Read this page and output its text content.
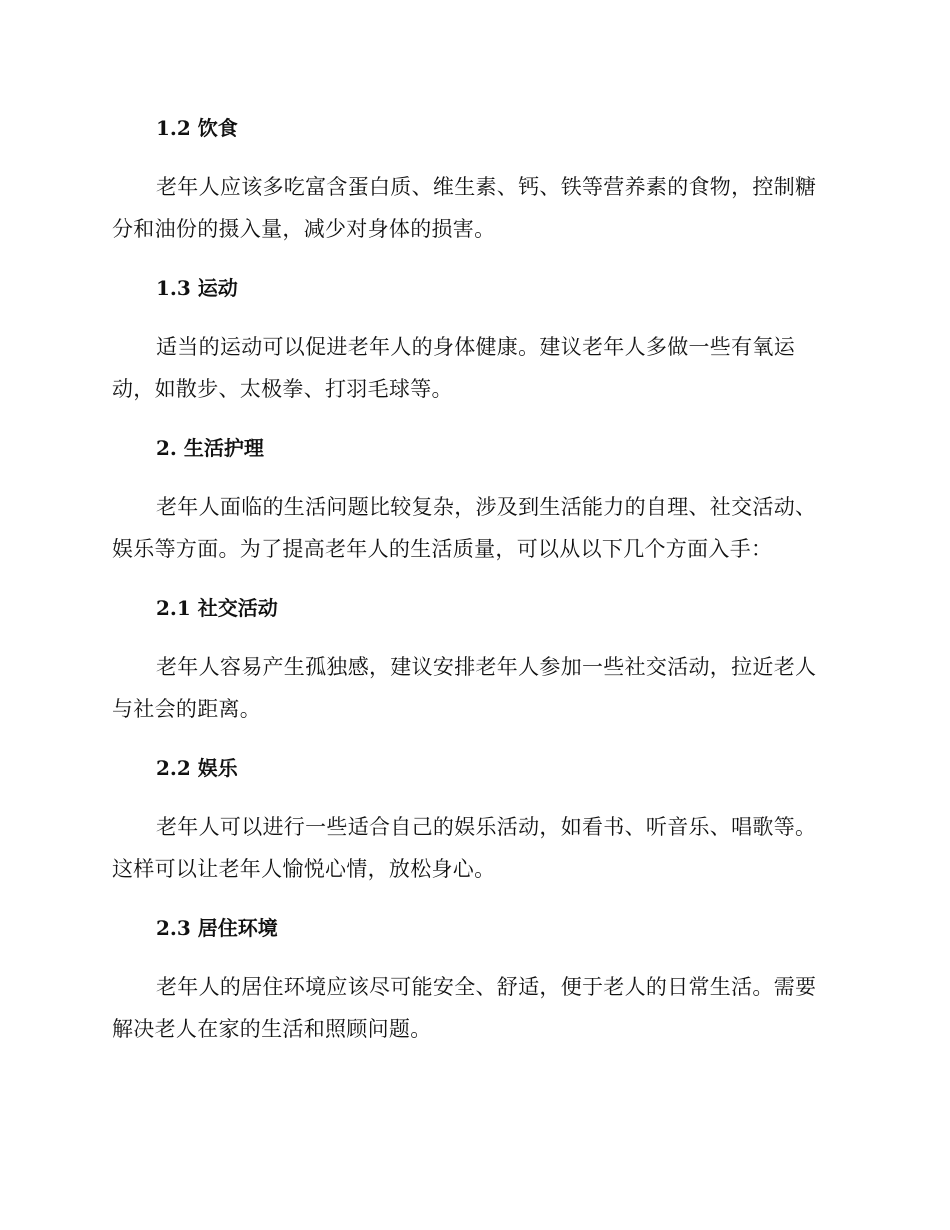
1.2 饮食

老年人应该多吃富含蛋白质、维生素、钙、铁等营养素的食物，控制糖分和油份的摄入量，减少对身体的损害。

1.3 运动

适当的运动可以促进老年人的身体健康。建议老年人多做一些有氧运动，如散步、太极拳、打羽毛球等。

2. 生活护理

老年人面临的生活问题比较复杂，涉及到生活能力的自理、社交活动、娱乐等方面。为了提高老年人的生活质量，可以从以下几个方面入手：

2.1 社交活动

老年人容易产生孤独感，建议安排老年人参加一些社交活动，拉近老人与社会的距离。

2.2 娱乐

老年人可以进行一些适合自己的娱乐活动，如看书、听音乐、唱歌等。这样可以让老年人愉悦心情，放松身心。

2.3 居住环境

老年人的居住环境应该尽可能安全、舒适，便于老人的日常生活。需要解决老人在家的生活和照顾问题。
